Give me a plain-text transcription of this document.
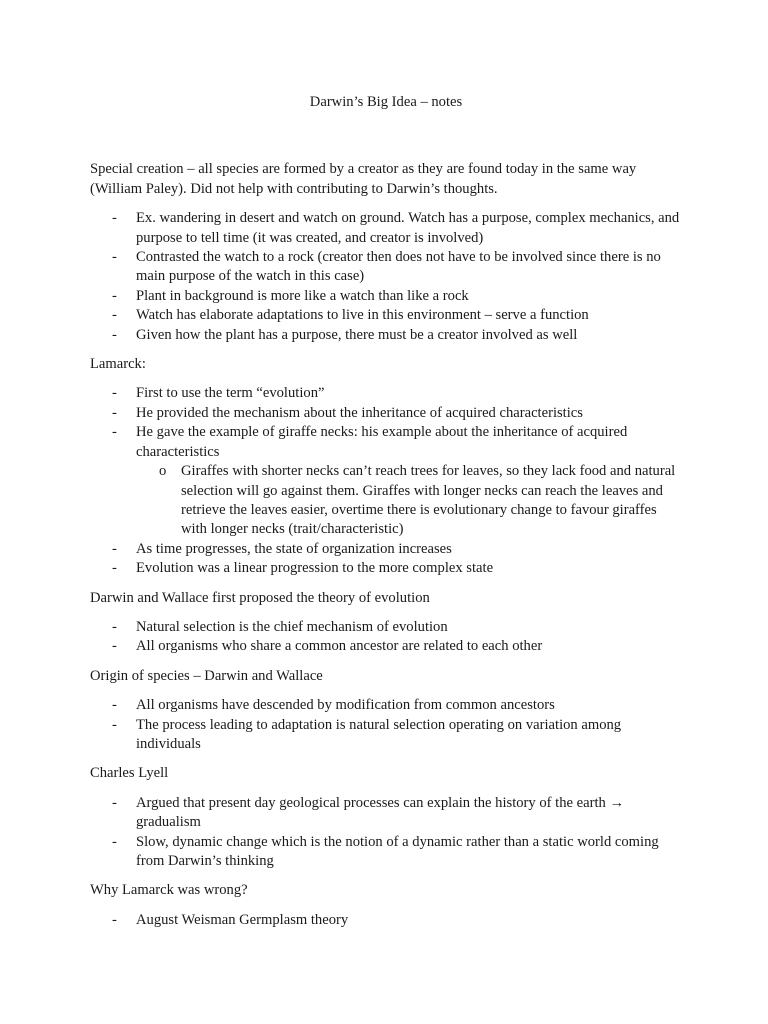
Darwin’s Big Idea – notes
Special creation – all species are formed by a creator as they are found today in the same way (William Paley). Did not help with contributing to Darwin’s thoughts.
- Ex. wandering in desert and watch on ground. Watch has a purpose, complex mechanics, and purpose to tell time (it was created, and creator is involved)
- Contrasted the watch to a rock (creator then does not have to be involved since there is no main purpose of the watch in this case)
- Plant in background is more like a watch than like a rock
- Watch has elaborate adaptations to live in this environment – serve a function
- Given how the plant has a purpose, there must be a creator involved as well
Lamarck:
- First to use the term “evolution”
- He provided the mechanism about the inheritance of acquired characteristics
- He gave the example of giraffe necks: his example about the inheritance of acquired characteristics
o Giraffes with shorter necks can’t reach trees for leaves, so they lack food and natural selection will go against them. Giraffes with longer necks can reach the leaves and retrieve the leaves easier, overtime there is evolutionary change to favour giraffes with longer necks (trait/characteristic)
- As time progresses, the state of organization increases
- Evolution was a linear progression to the more complex state
Darwin and Wallace first proposed the theory of evolution
- Natural selection is the chief mechanism of evolution
- All organisms who share a common ancestor are related to each other
Origin of species – Darwin and Wallace
- All organisms have descended by modification from common ancestors
- The process leading to adaptation is natural selection operating on variation among individuals
Charles Lyell
- Argued that present day geological processes can explain the history of the earth → gradualism
- Slow, dynamic change which is the notion of a dynamic rather than a static world coming from Darwin’s thinking
Why Lamarck was wrong?
- August Weisman Germplasm theory
